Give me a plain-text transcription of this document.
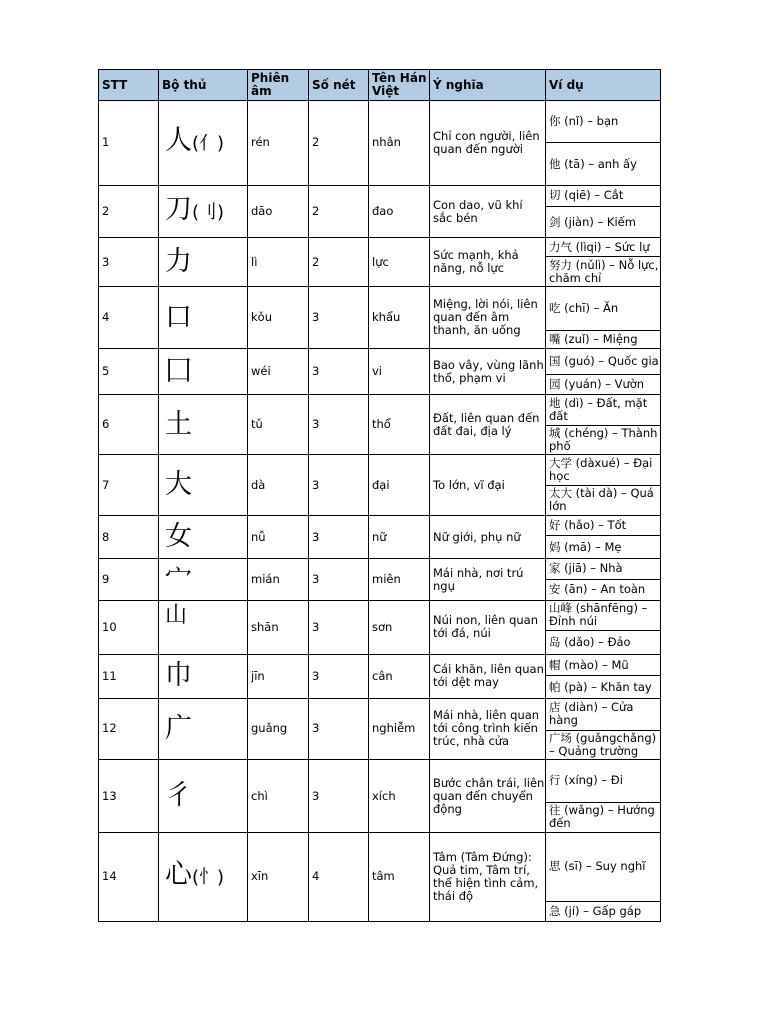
STT	Bộ thủ	Phiên âm	Số nét	Tên Hán Việt	Ý nghĩa	Ví dụ
1	人(亻)	rén	2	nhân	Chỉ con người, liên quan đến người	你 (nǐ) – bạn
						他 (tā) – anh ấy
2	刀(刂)	dāo	2	đao	Con dao, vũ khí sắc bén	切 (qiē) – Cắt
						剑 (jiàn) – Kiếm
3	力	lì	2	lực	Sức mạnh, khả năng, nỗ lực	力气 (lìqi) – Sức lự
						努力 (nǔlì) – Nỗ lực, chăm chỉ
4	口	kǒu	3	khẩu	Miệng, lời nói, liên quan đến âm thanh, ăn uống	吃 (chī) – Ăn
						嘴 (zuǐ) – Miệng
5	囗	wéi	3	vi	Bao vây, vùng lãnh thổ, phạm vi	国 (guó) – Quốc gia
						园 (yuán) – Vườn
6	土	tǔ	3	thổ	Đất, liên quan đến đất đai, địa lý	地 (dì) – Đất, mặt đất
						城 (chéng) – Thành phố
7	大	dà	3	đại	To lớn, vĩ đại	大学 (dàxué) – Đại học
						太大 (tài dà) – Quá lớn
8	女	nǚ	3	nữ	Nữ giới, phụ nữ	好 (hǎo) – Tốt
						妈 (mā) – Mẹ
9	宀	mián	3	miên	Mái nhà, nơi trú ngụ	家 (jiā) – Nhà
						安 (ān) – An toàn
10	山	shān	3	sơn	Núi non, liên quan tới đá, núi	山峰 (shānfēng) – Đỉnh núi
						岛 (dǎo) – Đảo
11	巾	jīn	3	cân	Cái khăn, liên quan tới dệt may	帽 (mào) – Mũ
						帕 (pà) – Khăn tay
12	广	guǎng	3	nghiễm	Mái nhà, liên quan tới công trình kiến trúc, nhà cửa	店 (diàn) – Cửa hàng
						广场 (guǎngchǎng) – Quảng trường
13	彳	chì	3	xích	Bước chân trái, liên quan đến chuyển động	行 (xíng) – Đi
						往 (wǎng) – Hướng đến
14	心(忄)	xīn	4	tâm	Tâm (Tâm Đứng): Quả tim, Tâm trí, thể hiện tình cảm, thái độ	思 (sī) – Suy nghĩ
						急 (jí) – Gấp gáp
